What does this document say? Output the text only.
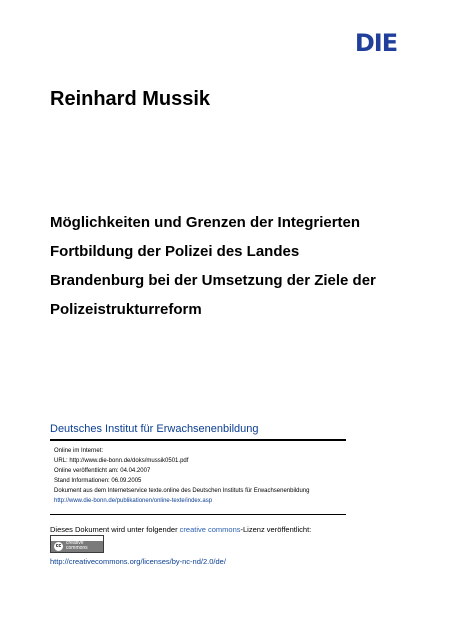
DIE
Reinhard Mussik
Möglichkeiten und Grenzen der Integrierten
Fortbildung der Polizei des Landes
Brandenburg bei der Umsetzung der Ziele der
Polizeistrukturreform
Deutsches Institut für Erwachsenenbildung
Online im Internet:
URL: http://www.die-bonn.de/doks/mussik0501.pdf
Online veröffentlicht am: 04.04.2007
Stand Informationen: 06.09.2005
Dokument aus dem Internetservice texte.online des Deutschen Instituts für Erwachsenenbildung
http://www.die-bonn.de/publikationen/online-texte/index.asp
Dieses Dokument wird unter folgender creative commons-Lizenz veröffentlicht:
cc creative
commons
http://creativecommons.org/licenses/by-nc-nd/2.0/de/
